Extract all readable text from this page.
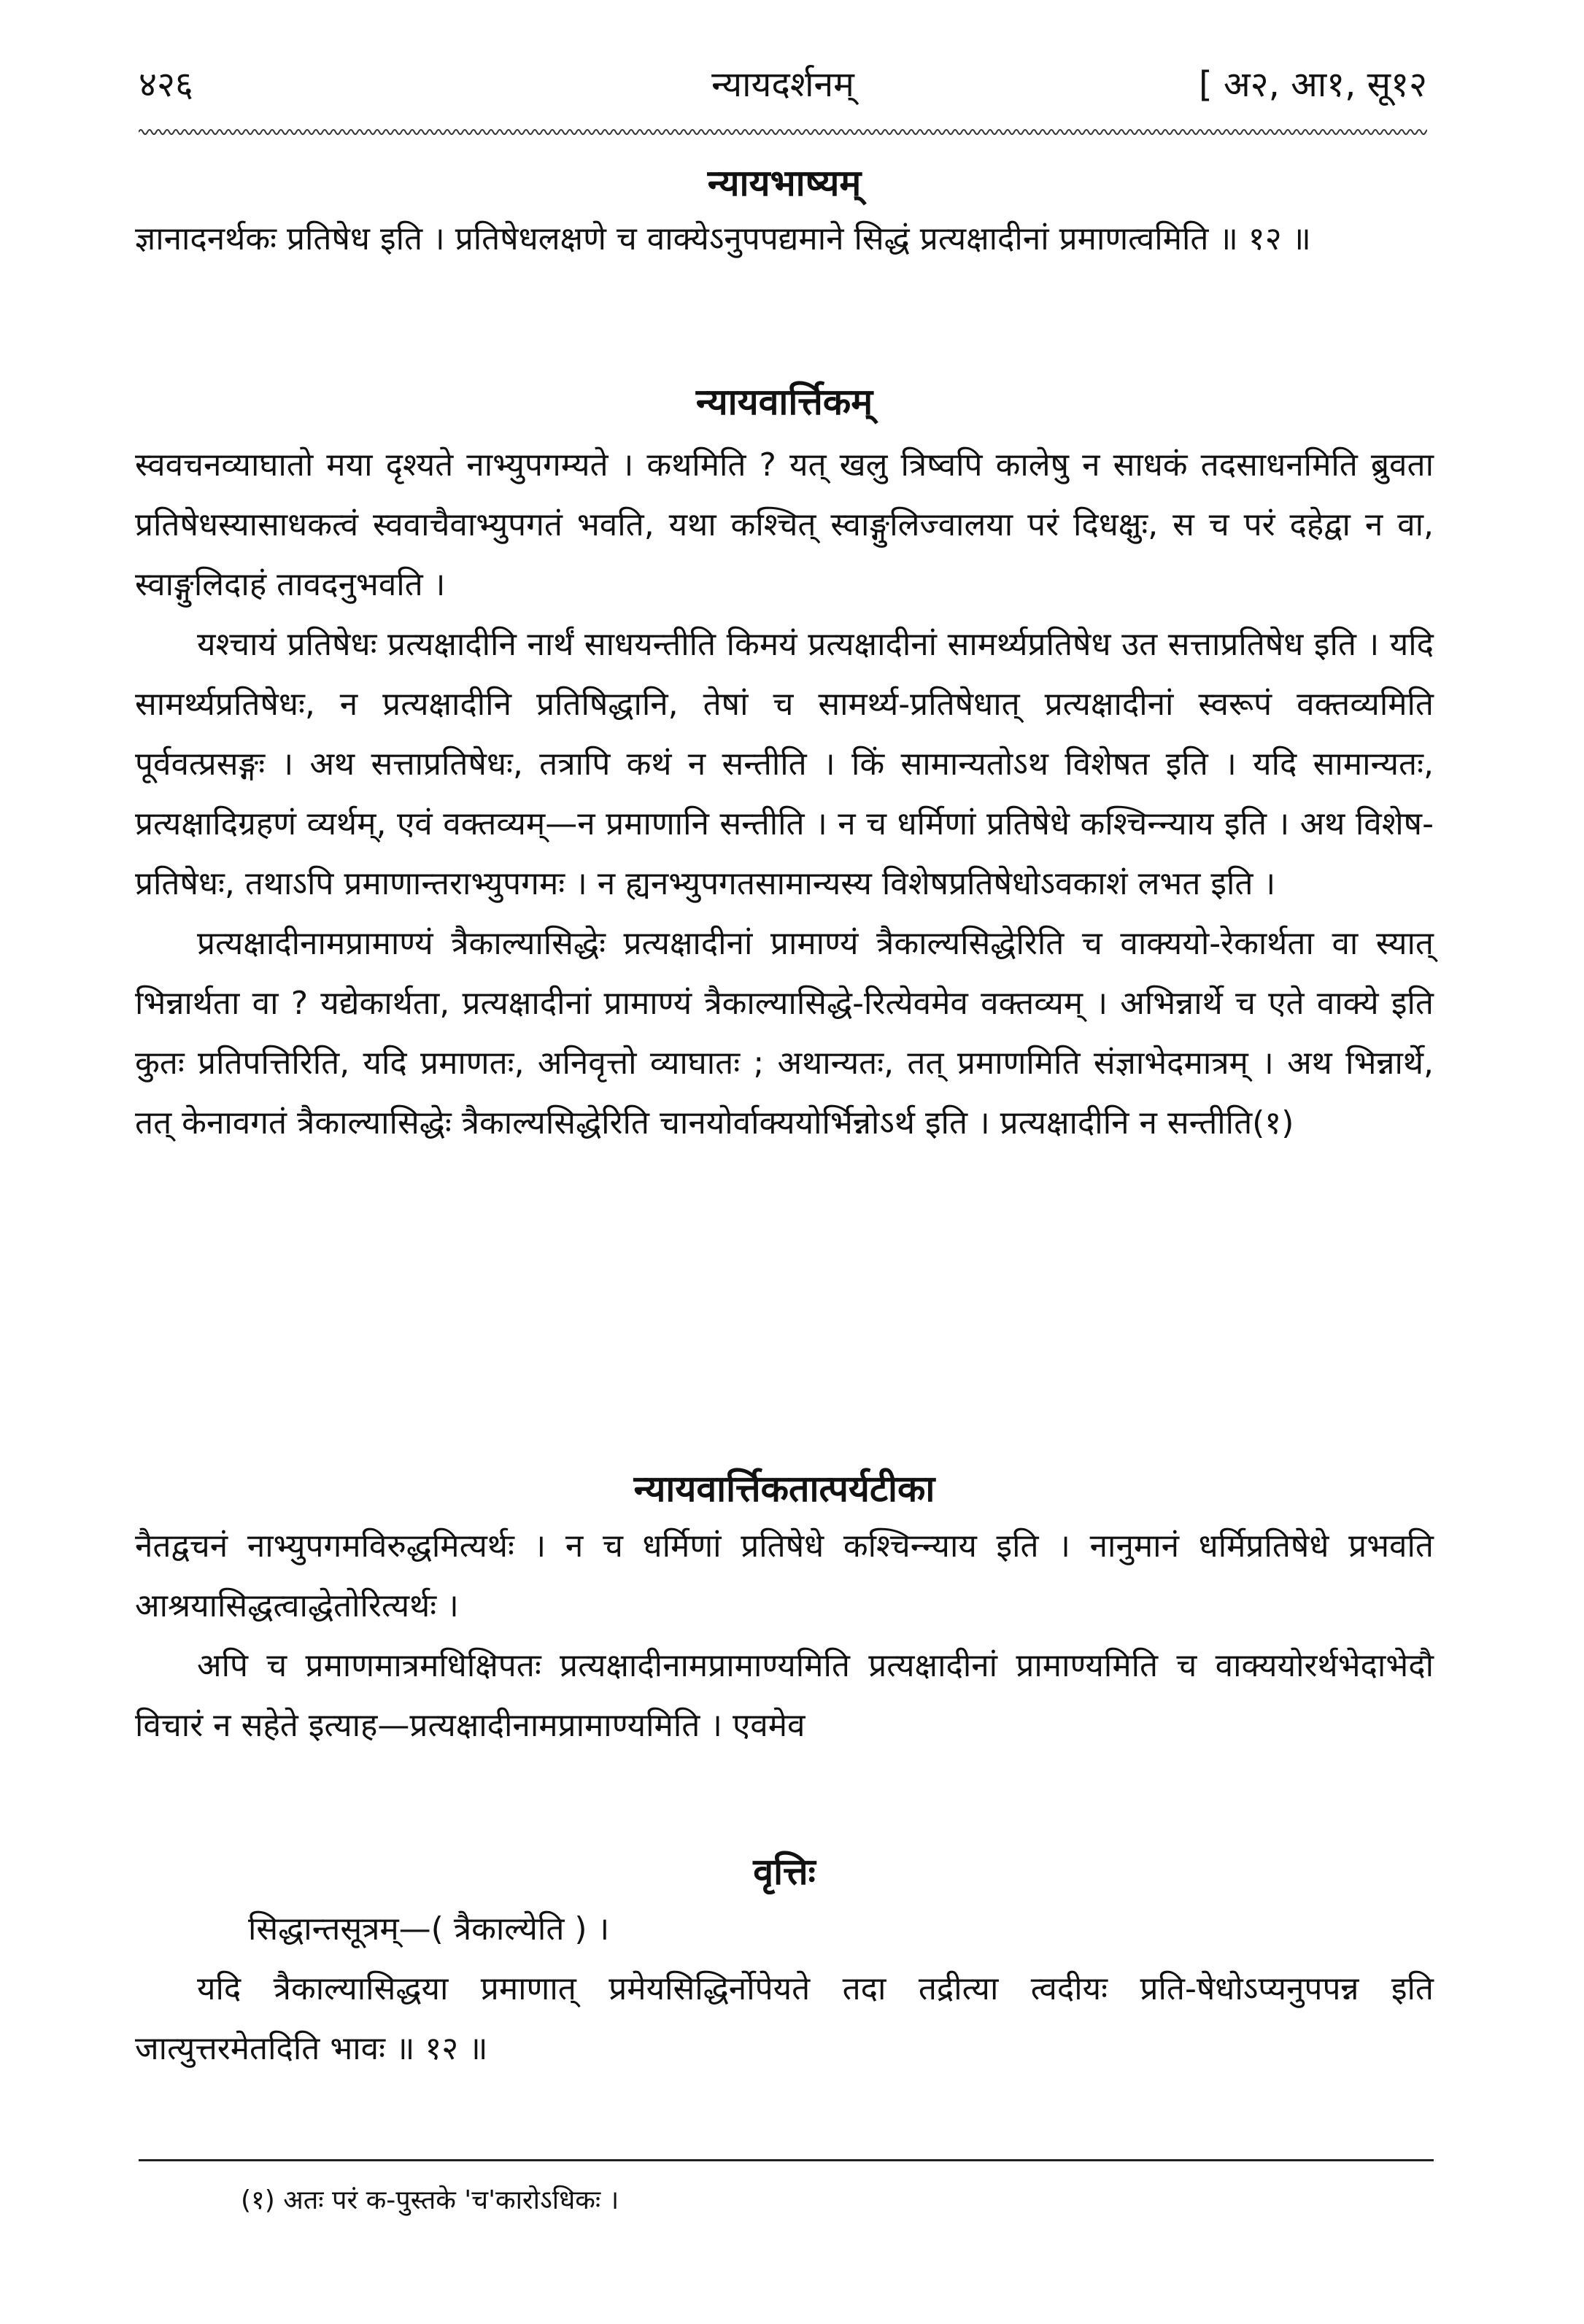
४२६	न्यायदर्शनम्	[ अ२, आ१, सू१२
न्यायभाष्यम्

ज्ञानादनर्थकः प्रतिषेध इति । प्रतिषेधलक्षणे च वाक्येऽनुपपद्यमाने सिद्धं प्रत्यक्षादीनां प्रमाणत्वमिति ॥ १२ ॥

न्यायवार्त्तिकम्

स्ववचनव्याघातो मया दृश्यते नाभ्युपगम्यते । कथमिति ? यत् खलु त्रिष्वपि कालेषु न साधकं तदसाधनमिति ब्रुवता प्रतिषेधस्यासाधकत्वं स्ववाचैवाभ्युपगतं भवति, यथा कश्चित् स्वाङ्गुलिज्वालया परं दिधक्षुः, स च परं दहेद्वा न वा, स्वाङ्गुलिदाहं तावदनुभवति ।

यश्चायं प्रतिषेधः प्रत्यक्षादीनि नार्थं साधयन्तीति किमयं प्रत्यक्षादीनां सामर्थ्यप्रतिषेध उत सत्ताप्रतिषेध इति । यदि सामर्थ्यप्रतिषेधः, न प्रत्यक्षादीनि प्रतिषिद्धानि, तेषां च सामर्थ्य-प्रतिषेधात् प्रत्यक्षादीनां स्वरूपं वक्तव्यमिति पूर्ववत्प्रसङ्गः । अथ सत्ताप्रतिषेधः, तत्रापि कथं न सन्तीति । किं सामान्यतोऽथ विशेषत इति । यदि सामान्यतः, प्रत्यक्षादिग्रहणं व्यर्थम्, एवं वक्तव्यम्—न प्रमाणानि सन्तीति । न च धर्मिणां प्रतिषेधे कश्चिन्न्याय इति । अथ विशेष-प्रतिषेधः, तथाऽपि प्रमाणान्तराभ्युपगमः । न ह्यनभ्युपगतसामान्यस्य विशेषप्रतिषेधोऽवकाशं लभत इति ।

प्रत्यक्षादीनामप्रामाण्यं त्रैकाल्यासिद्धेः प्रत्यक्षादीनां प्रामाण्यं त्रैकाल्यसिद्धेरिति च वाक्ययो-रेकार्थता वा स्यात् भिन्नार्थता वा ? यद्येकार्थता, प्रत्यक्षादीनां प्रामाण्यं त्रैकाल्यासिद्धे-रित्येवमेव वक्तव्यम् । अभिन्नार्थे च एते वाक्ये इति कुतः प्रतिपत्तिरिति, यदि प्रमाणतः, अनिवृत्तो व्याघातः ; अथान्यतः, तत् प्रमाणमिति संज्ञाभेदमात्रम् । अथ भिन्नार्थे, तत् केनावगतं त्रैकाल्यासिद्धेः त्रैकाल्यसिद्धेरिति चानयोर्वाक्ययोर्भिन्नोऽर्थ इति । प्रत्यक्षादीनि न सन्तीति(१)

न्यायवार्त्तिकतात्पर्यटीका

नैतद्वचनं नाभ्युपगमविरुद्धमित्यर्थः । न च धर्मिणां प्रतिषेधे कश्चिन्न्याय इति । नानुमानं धर्मिप्रतिषेधे प्रभवति आश्रयासिद्धत्वाद्धेतोरित्यर्थः ।

अपि च प्रमाणमात्रमधिक्षिपतः प्रत्यक्षादीनामप्रामाण्यमिति प्रत्यक्षादीनां प्रामाण्यमिति च वाक्ययोरर्थभेदाभेदौ विचारं न सहेते इत्याह—प्रत्यक्षादीनामप्रामाण्यमिति । एवमेव

वृत्तिः

सिद्धान्तसूत्रम्—( त्रैकाल्येति ) ।

यदि त्रैकाल्यासिद्धया प्रमाणात् प्रमेयसिद्धिर्नोपेयते तदा तद्रीत्या त्वदीयः प्रति-षेधोऽप्यनुपपन्न इति जात्युत्तरमेतदिति भावः ॥ १२ ॥

(१) अतः परं क-पुस्तके 'च'कारोऽधिकः ।
